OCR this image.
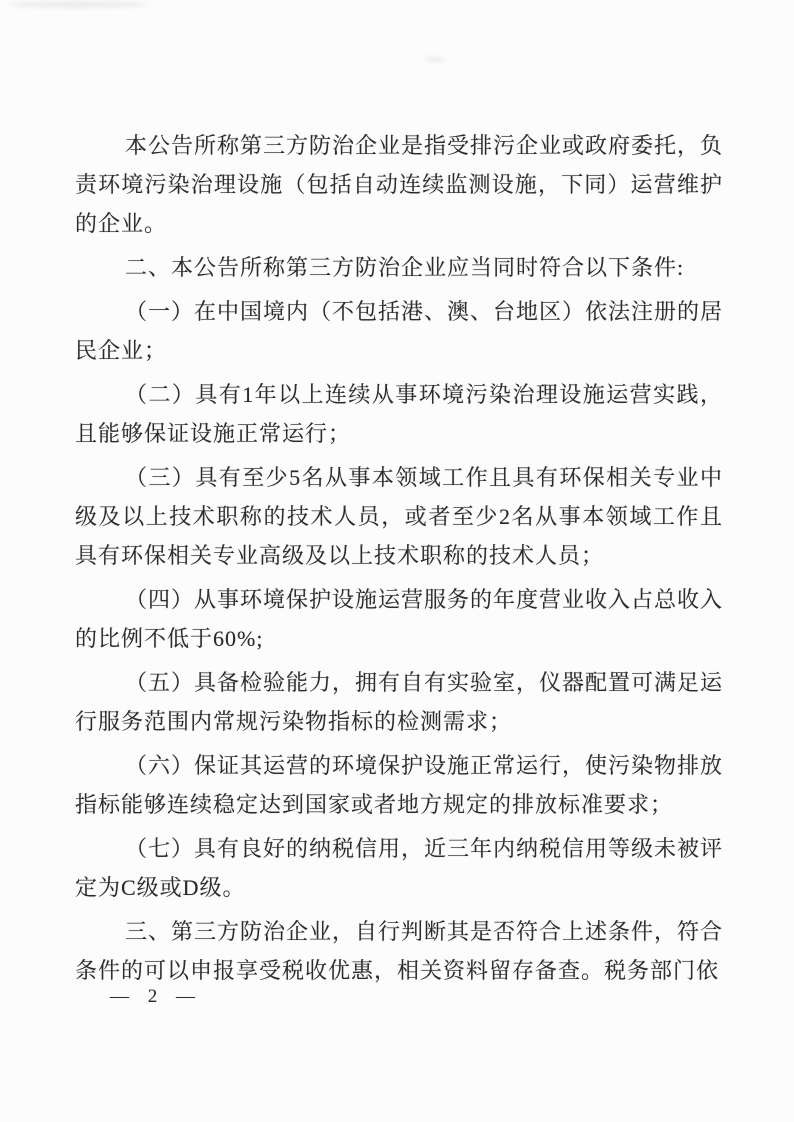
本公告所称第三方防治企业是指受排污企业或政府委托，负责环境污染治理设施（包括自动连续监测设施，下同）运营维护的企业。

二、本公告所称第三方防治企业应当同时符合以下条件:

（一）在中国境内（不包括港、澳、台地区）依法注册的居民企业；

（二）具有1年以上连续从事环境污染治理设施运营实践，且能够保证设施正常运行；

（三）具有至少5名从事本领域工作且具有环保相关专业中级及以上技术职称的技术人员，或者至少2名从事本领域工作且具有环保相关专业高级及以上技术职称的技术人员；

（四）从事环境保护设施运营服务的年度营业收入占总收入的比例不低于60%;

（五）具备检验能力，拥有自有实验室，仪器配置可满足运行服务范围内常规污染物指标的检测需求；

（六）保证其运营的环境保护设施正常运行，使污染物排放指标能够连续稳定达到国家或者地方规定的排放标准要求；

（七）具有良好的纳税信用，近三年内纳税信用等级未被评定为C级或D级。

三、第三方防治企业，自行判断其是否符合上述条件，符合条件的可以申报享受税收优惠，相关资料留存备查。税务部门依

— 2 —
